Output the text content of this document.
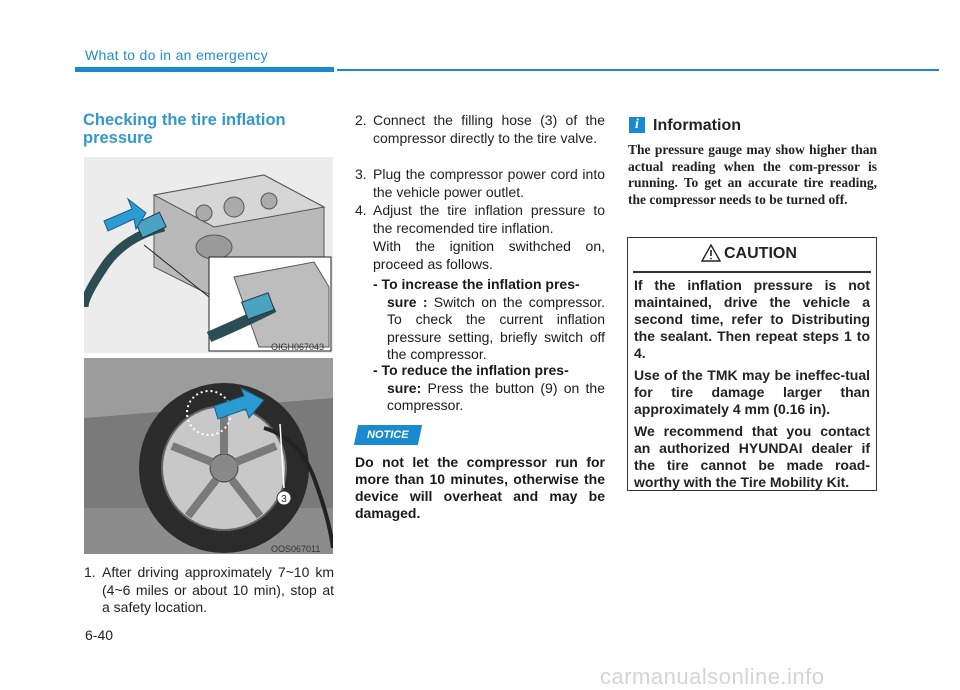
What to do in an emergency
Checking the tire inflation pressure
OIGH067043
3
OOS067011
1. After driving approximately 7~10 km (4~6 miles or about 10 min), stop at a safety location.
2. Connect the filling hose (3) of the compressor directly to the tire valve.
3. Plug the compressor power cord into the vehicle power outlet.
4. Adjust the tire inflation pressure to the recomended tire inflation.
With the ignition swithched on, proceed as follows.
- To increase the inflation pres-
sure : Switch on the compressor. To check the current inflation pressure setting, briefly switch off the compressor.
- To reduce the inflation pres-
sure: Press the button (9) on the compressor.
NOTICE
Do not let the compressor run for more than 10 minutes, otherwise the device will overheat and may be damaged.
i Information
The pressure gauge may show higher than actual reading when the com-pressor is running. To get an accurate tire reading, the compressor needs to be turned off.
CAUTION

If the inflation pressure is not maintained, drive the vehicle a second time, refer to Distributing the sealant. Then repeat steps 1 to 4.

Use of the TMK may be ineffec-tual for tire damage larger than approximately 4 mm (0.16 in).

We recommend that you contact an authorized HYUNDAI dealer if the tire cannot be made road-worthy with the Tire Mobility Kit.

6-40
carmanualsonline.info
